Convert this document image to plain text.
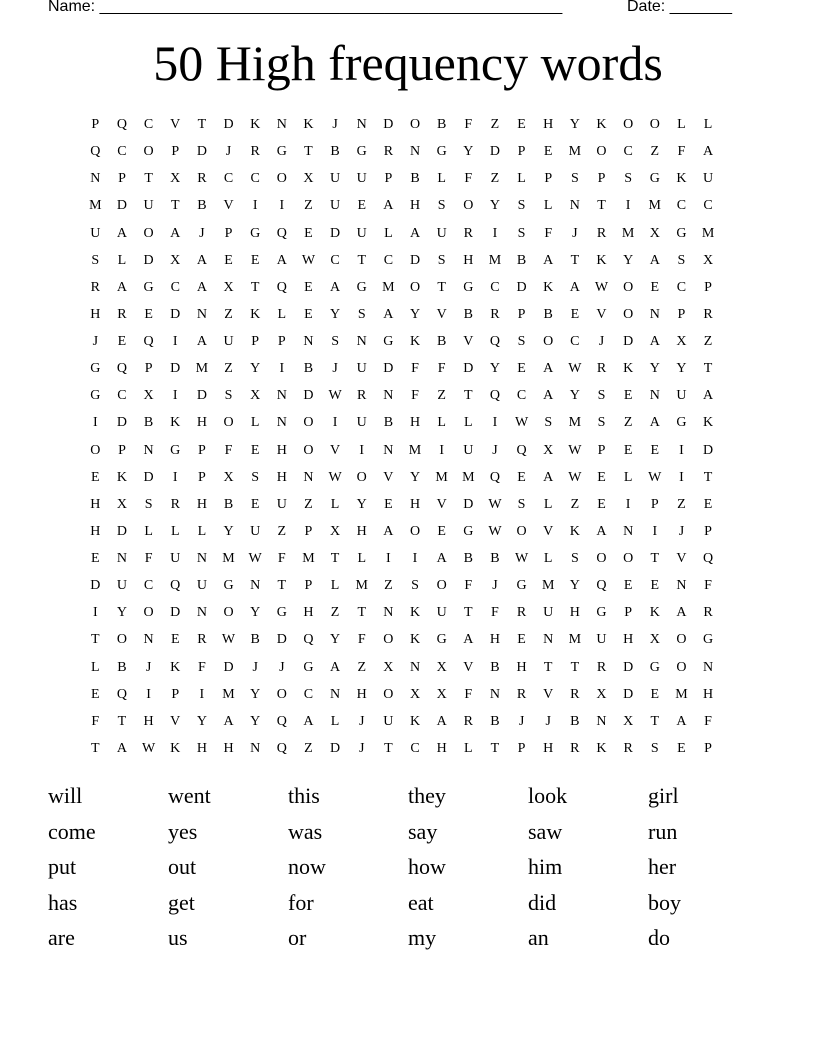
Name: ____________________________________________________	Date: _______
50 High frequency words
P	Q	C	V	T	D	K	N	K	J	N	D	O	B	F	Z	E	H	Y	K	O	O	L	L
Q	C	O	P	D	J	R	G	T	B	G	R	N	G	Y	D	P	E	M	O	C	Z	F	A
N	P	T	X	R	C	C	O	X	U	U	P	B	L	F	Z	L	P	S	P	S	G	K	U
M	D	U	T	B	V	I	I	Z	U	E	A	H	S	O	Y	S	L	N	T	I	M	C	C
U	A	O	A	J	P	G	Q	E	D	U	L	A	U	R	I	S	F	J	R	M	X	G	M
S	L	D	X	A	E	E	A	W	C	T	C	D	S	H	M	B	A	T	K	Y	A	S	X
R	A	G	C	A	X	T	Q	E	A	G	M	O	T	G	C	D	K	A	W	O	E	C	P
H	R	E	D	N	Z	K	L	E	Y	S	A	Y	V	B	R	P	B	E	V	O	N	P	R
J	E	Q	I	A	U	P	P	N	S	N	G	K	B	V	Q	S	O	C	J	D	A	X	Z
G	Q	P	D	M	Z	Y	I	B	J	U	D	F	F	D	Y	E	A	W	R	K	Y	Y	T
G	C	X	I	D	S	X	N	D	W	R	N	F	Z	T	Q	C	A	Y	S	E	N	U	A
I	D	B	K	H	O	L	N	O	I	U	B	H	L	L	I	W	S	M	S	Z	A	G	K
O	P	N	G	P	F	E	H	O	V	I	N	M	I	U	J	Q	X	W	P	E	E	I	D
E	K	D	I	P	X	S	H	N	W	O	V	Y	M	M	Q	E	A	W	E	L	W	I	T
H	X	S	R	H	B	E	U	Z	L	Y	E	H	V	D	W	S	L	Z	E	I	P	Z	E
H	D	L	L	L	Y	U	Z	P	X	H	A	O	E	G	W	O	V	K	A	N	I	J	P
E	N	F	U	N	M W	F	M	T	L	I	I	A	B	B	W	L	S	O	O	T	V	Q
D	U	C	Q	U	G	N	T	P	L	M	Z	S	O	F	J	G	M	Y	Q	E	E	N	F
I	Y	O	D	N	O	Y	G	H	Z	T	N	K	U	T	F	R	U	H	G	P	K	A	R
T	O	N	E	R	W	B	D	Q	Y	F	O	K	G	A	H	E	N	M	U	H	X	O	G
L	B	J	K	F	D	J	J	G	A	Z	X	N	X	V	B	H	T	T	R	D	G	O	N
E	Q	I	P	I	M	Y	O	C	N	H	O	X	X	F	N	R	V	R	X	D	E	M	H
F	T	H	V	Y	A	Y	Q	A	L	J	U	K	A	R	B	J	J	B	N	X	T	A	F
T	A	W	K	H	H	N	Q	Z	D	J	T	C	H	L	T	P	H	R	K	R	S	E	P
will	went	this	they	look	girl
come	yes	was	say	saw	run
put	out	now	how	him	her
has	get	for	eat	did	boy
are	us	or	my	an	do
